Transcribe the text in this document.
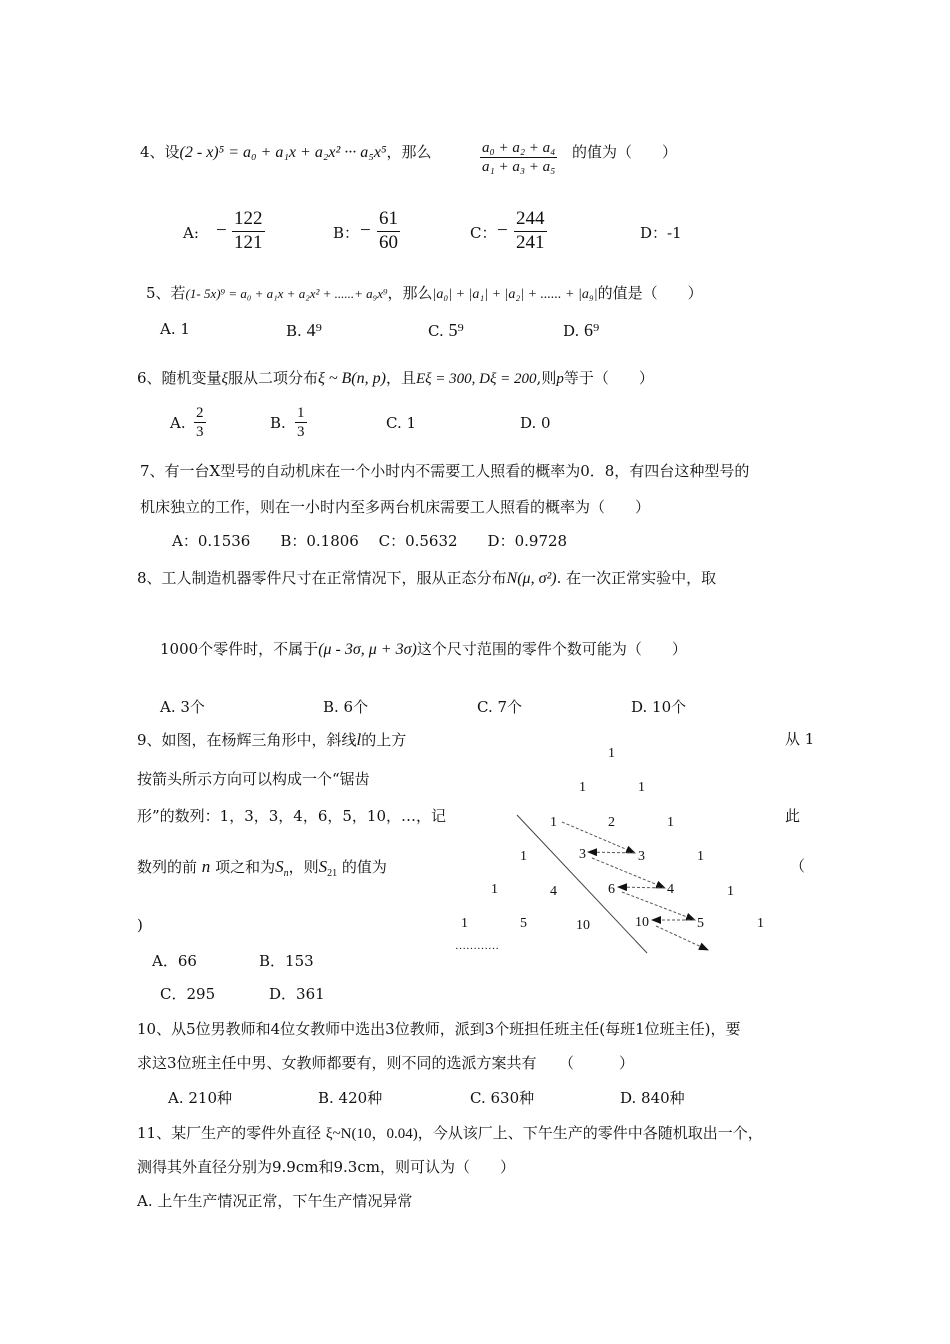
4、设(2 - x)⁵ = a₀ + a₁x + a₂x² ··· a₅x⁵，那么	$\frac{\text{a₀ + a₂ + a₄}}{\text{a₁ + a₃ + a₅}}$ 的值为（　　）
A: − $\frac{122}{121}$	B： − $\frac{61}{60}$	C： − $\frac{244}{241}$	D：-1
5、若(1- 5x)⁹ = a₀ + a₁x + a₂x² + ......+ a₉x⁹，那么|a₀| + |a₁| + |a₂| + ...... + |a₉|的值是（　　）
A. 1	B. 4⁹	C. 5⁹	D. 6⁹
6、随机变量ξ服从二项分布ξ ~ B(n, p)，且Eξ = 300, Dξ = 200,则p等于（　　）
A. $\frac{2}{3}$	B. $\frac{1}{3}$	C. 1	D. 0
7、有一台X型号的自动机床在一个小时内不需要工人照看的概率为0．8，有四台这种型号的
机床独立的工作，则在一小时内至多两台机床需要工人照看的概率为（　　）
A：0.1536　　B：0.1806　 C：0.5632　　D：0.9728
8、工人制造机器零件尺寸在正常情况下，服从正态分布N(μ, σ²). 在一次正常实验中，取
1000个零件时，不属于(μ - 3σ, μ + 3σ)这个尺寸范围的零件个数可能为（　　）
A. 3个	B. 6个	C. 7个	D. 10个
9、如图，在杨辉三角形中，斜线l的上方	从 1
按箭头所示方向可以构成一个“锯齿
形”的数列：1，3，3，4，6，5，10，…，记	此
数列的前 n 项之和为$S_n$，则$S_{21}$ 的值为	（
)
1
1	1
1	2	1
1	3	3	1
1	4	6	4	1
1	5	10	10	5	1
…………
A．66	B．153
C．295	D．361
10、从5位男教师和4位女教师中选出3位教师，派到3个班担任班主任(每班1位班主任)，要
求这3位班主任中男、女教师都要有，则不同的选派方案共有　　（　　　）
A. 210种	B. 420种	C. 630种	D. 840种
11、某厂生产的零件外直径 ξ~N(10，0.04)，今从该厂上、下午生产的零件中各随机取出一个，
测得其外直径分别为9.9cm和9.3cm，则可认为（　　）
A. 上午生产情况正常，下午生产情况异常
